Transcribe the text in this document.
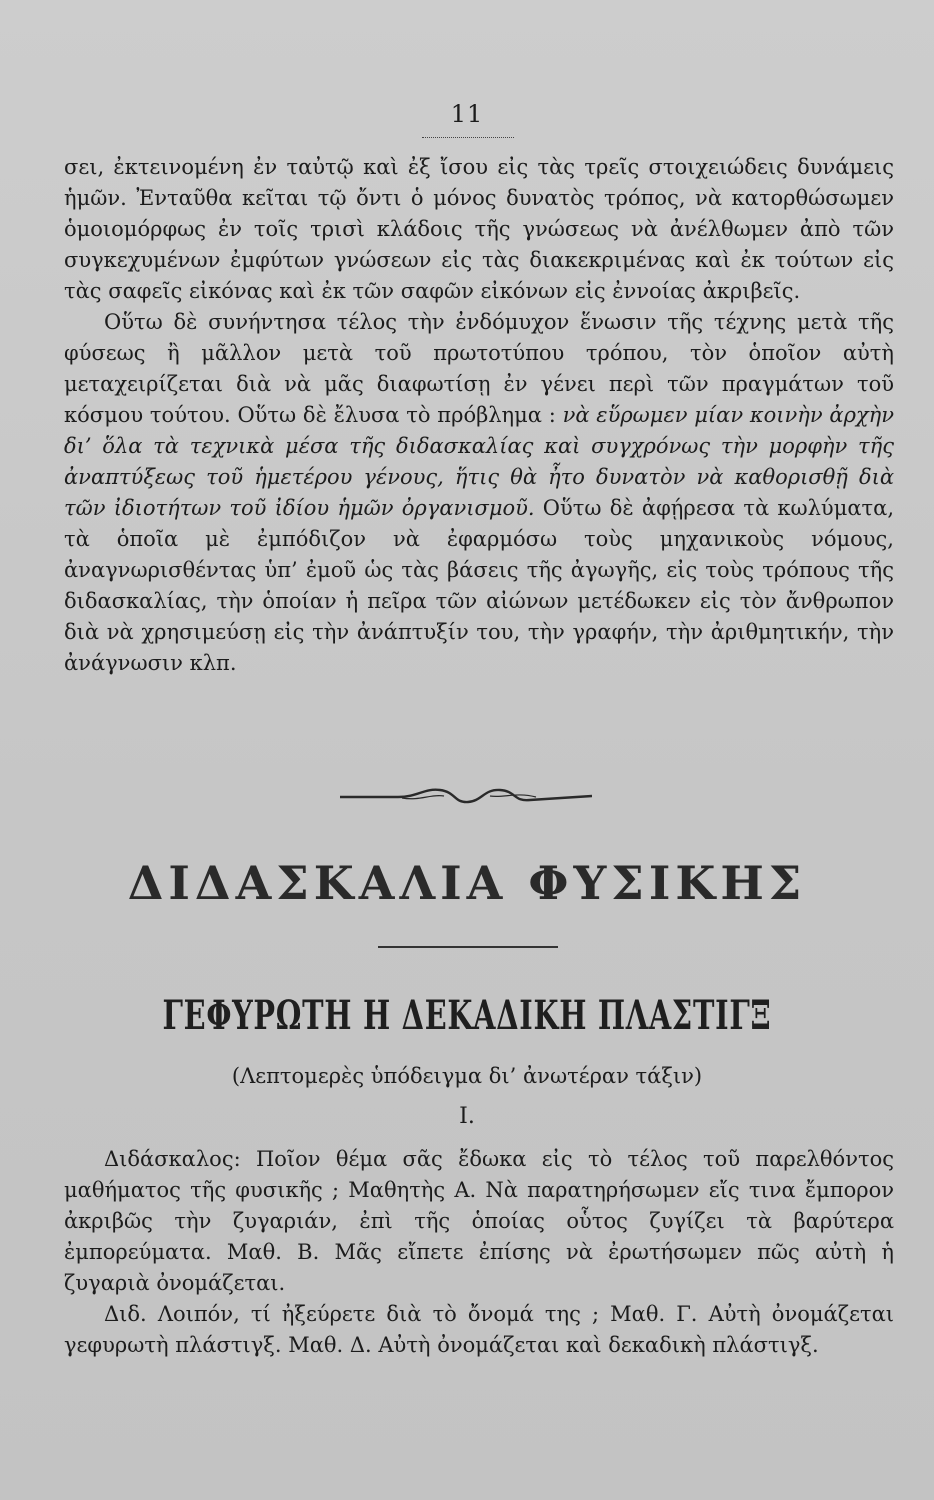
11

σει, ἐκτεινομένη ἐν ταὐτῷ καὶ ἐξ ἴσου εἰς τὰς τρεῖς στοιχειώδεις δυνάμεις ἡμῶν. Ἐνταῦθα κεῖται τῷ ὄντι ὁ μόνος δυνατὸς τρόπος, νὰ κατορθώσωμεν ὁμοιομόρφως ἐν τοῖς τρισὶ κλάδοις τῆς γνώσεως νὰ ἀνέλθωμεν ἀπὸ τῶν συγκεχυμένων ἐμφύτων γνώσεων εἰς τὰς διακεκριμένας καὶ ἐκ τούτων εἰς τὰς σαφεῖς εἰκόνας καὶ ἐκ τῶν σαφῶν εἰκόνων εἰς ἐννοίας ἀκριβεῖς.

Οὕτω δὲ συνήντησα τέλος τὴν ἐνδόμυχον ἕνωσιν τῆς τέχνης μετὰ τῆς φύσεως ἢ μᾶλλον μετὰ τοῦ πρωτοτύπου τρόπου, τὸν ὁποῖον αὐτὴ μεταχειρίζεται διὰ νὰ μᾶς διαφωτίσῃ ἐν γένει περὶ τῶν πραγμάτων τοῦ κόσμου τούτου. Οὕτω δὲ ἔλυσα τὸ πρόβλημα : νὰ εὕρωμεν μίαν κοινὴν ἀρχὴν δι’ ὅλα τὰ τεχνικὰ μέσα τῆς διδασκαλίας καὶ συγχρόνως τὴν μορφὴν τῆς ἀναπτύξεως τοῦ ἡμετέρου γένους, ἥτις θὰ ἦτο δυνατὸν νὰ καθορισθῇ διὰ τῶν ἰδιοτήτων τοῦ ἰδίου ἡμῶν ὀργανισμοῦ. Οὕτω δὲ ἀφῄρεσα τὰ κωλύματα, τὰ ὁποῖα μὲ ἐμπόδιζον νὰ ἐφαρμόσω τοὺς μηχανικοὺς νόμους, ἀναγνωρισθέντας ὑπ’ ἐμοῦ ὡς τὰς βάσεις τῆς ἀγωγῆς, εἰς τοὺς τρόπους τῆς διδασκαλίας, τὴν ὁποίαν ἡ πεῖρα τῶν αἰώνων μετέδωκεν εἰς τὸν ἄνθρωπον διὰ νὰ χρησιμεύσῃ εἰς τὴν ἀνάπτυξίν του, τὴν γραφήν, τὴν ἀριθμητικήν, τὴν ἀνάγνωσιν κλπ.

ΔΙΔΑΣΚΑΛΙΑ ΦΥΣΙΚΗΣ
ΓΕΦΥΡΩΤΗ Η ΔΕΚΑΔΙΚΗ ΠΛΑΣΤΙΓΞ
(Λεπτομερὲς ὑπόδειγμα δι’ ἀνωτέραν τάξιν)
I.

Διδάσκαλος: Ποῖον θέμα σᾶς ἔδωκα εἰς τὸ τέλος τοῦ παρελθόντος μαθήματος τῆς φυσικῆς ; Μαθητὴς Α. Νὰ παρατηρήσωμεν εἴς τινα ἔμπορον ἀκριβῶς τὴν ζυγαριάν, ἐπὶ τῆς ὁποίας οὗτος ζυγίζει τὰ βαρύτερα ἐμπορεύματα. Μαθ. Β. Μᾶς εἴπετε ἐπίσης νὰ ἐρωτήσωμεν πῶς αὐτὴ ἡ ζυγαριὰ ὀνομάζεται.

Διδ. Λοιπόν, τί ἠξεύρετε διὰ τὸ ὄνομά της ; Μαθ. Γ. Αὐτὴ ὀνομάζεται γεφυρωτὴ πλάστιγξ. Μαθ. Δ. Αὐτὴ ὀνομάζεται καὶ δεκαδικὴ πλάστιγξ.
